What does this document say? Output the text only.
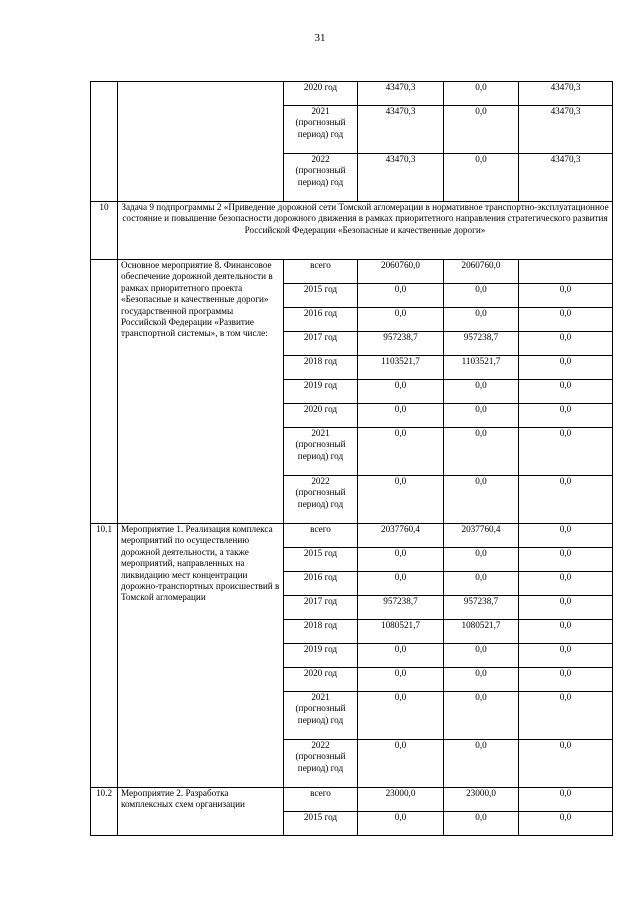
31
		2020 год	43470,3	0,0	43470,3
		2021 (прогнозный период) год	43470,3	0,0	43470,3
		2022 (прогнозный период) год	43470,3	0,0	43470,3
10	Задача 9 подпрограммы 2 «Приведение дорожной сети Томской агломерации в нормативное транспортно-эксплуатационное состояние и повышение безопасности дорожного движения в рамках приоритетного направления стратегического развития Российской Федерации «Безопасные и качественные дороги»				
	Основное мероприятие 8. Финансовое обеспечение дорожной деятельности в рамках приоритетного проекта «Безопасные и качественные дороги» государственной программы Российской Федерации «Развитие транспортной системы», в том числе:	всего	2060760,0	2060760,0	
		2015 год	0,0	0,0	0,0
		2016 год	0,0	0,0	0,0
		2017 год	957238,7	957238,7	0,0
		2018 год	1103521,7	1103521,7	0,0
		2019 год	0,0	0,0	0,0
		2020 год	0,0	0,0	0,0
		2021 (прогнозный период) год	0,0	0,0	0,0
		2022 (прогнозный период) год	0,0	0,0	0,0
10.1	Мероприятие 1. Реализация комплекса мероприятий по осуществлению дорожной деятельности, а также мероприятий, направленных на ликвидацию мест концентрации дорожно-транспортных происшествий в Томской агломерации	всего	2037760,4	2037760,4	0,0
		2015 год	0,0	0,0	0,0
		2016 год	0,0	0,0	0,0
		2017 год	957238,7	957238,7	0,0
		2018 год	1080521,7	1080521,7	0,0
		2019 год	0,0	0,0	0,0
		2020 год	0,0	0,0	0,0
		2021 (прогнозный период) год	0,0	0,0	0,0
		2022 (прогнозный период) год	0,0	0,0	0,0
10.2	Мероприятие 2. Разработка комплексных схем организации	всего	23000,0	23000,0	0,0
		2015 год	0,0	0,0	0,0
